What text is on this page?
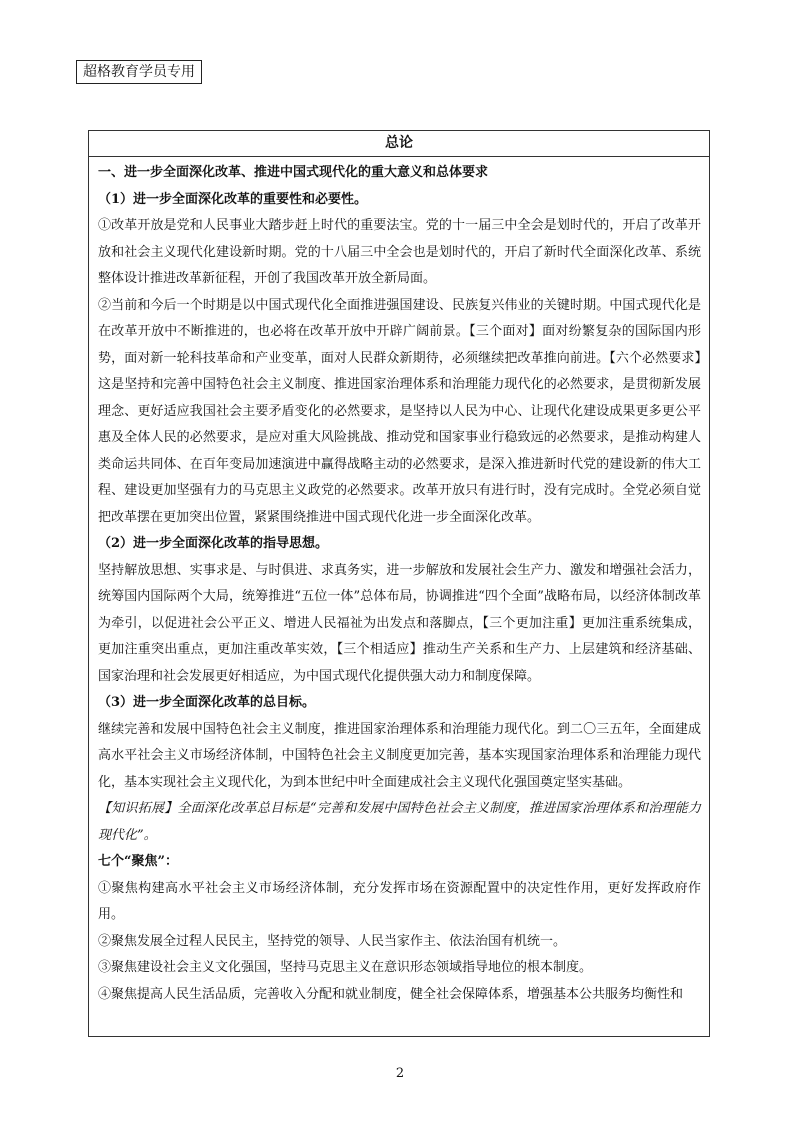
超格教育学员专用
总论

一、进一步全面深化改革、推进中国式现代化的重大意义和总体要求

（1）进一步全面深化改革的重要性和必要性。

①改革开放是党和人民事业大踏步赶上时代的重要法宝。党的十一届三中全会是划时代的，开启了改革开放和社会主义现代化建设新时期。党的十八届三中全会也是划时代的，开启了新时代全面深化改革、系统整体设计推进改革新征程，开创了我国改革开放全新局面。

②当前和今后一个时期是以中国式现代化全面推进强国建设、民族复兴伟业的关键时期。中国式现代化是在改革开放中不断推进的，也必将在改革开放中开辟广阔前景。【三个面对】面对纷繁复杂的国际国内形势，面对新一轮科技革命和产业变革，面对人民群众新期待，必须继续把改革推向前进。【六个必然要求】这是坚持和完善中国特色社会主义制度、推进国家治理体系和治理能力现代化的必然要求，是贯彻新发展理念、更好适应我国社会主要矛盾变化的必然要求，是坚持以人民为中心、让现代化建设成果更多更公平惠及全体人民的必然要求，是应对重大风险挑战、推动党和国家事业行稳致远的必然要求，是推动构建人类命运共同体、在百年变局加速演进中赢得战略主动的必然要求，是深入推进新时代党的建设新的伟大工程、建设更加坚强有力的马克思主义政党的必然要求。改革开放只有进行时，没有完成时。全党必须自觉把改革摆在更加突出位置，紧紧围绕推进中国式现代化进一步全面深化改革。

（2）进一步全面深化改革的指导思想。

坚持解放思想、实事求是、与时俱进、求真务实，进一步解放和发展社会生产力、激发和增强社会活力，统筹国内国际两个大局，统筹推进“五位一体”总体布局，协调推进“四个全面”战略布局，以经济体制改革为牵引，以促进社会公平正义、增进人民福祉为出发点和落脚点，【三个更加注重】更加注重系统集成，更加注重突出重点，更加注重改革实效，【三个相适应】推动生产关系和生产力、上层建筑和经济基础、国家治理和社会发展更好相适应，为中国式现代化提供强大动力和制度保障。

（3）进一步全面深化改革的总目标。

继续完善和发展中国特色社会主义制度，推进国家治理体系和治理能力现代化。到二〇三五年，全面建成高水平社会主义市场经济体制，中国特色社会主义制度更加完善，基本实现国家治理体系和治理能力现代化，基本实现社会主义现代化，为到本世纪中叶全面建成社会主义现代化强国奠定坚实基础。

【知识拓展】全面深化改革总目标是“完善和发展中国特色社会主义制度，推进国家治理体系和治理能力现代化”。

七个“聚焦”：

①聚焦构建高水平社会主义市场经济体制，充分发挥市场在资源配置中的决定性作用，更好发挥政府作用。

②聚焦发展全过程人民民主，坚持党的领导、人民当家作主、依法治国有机统一。

③聚焦建设社会主义文化强国，坚持马克思主义在意识形态领域指导地位的根本制度。

④聚焦提高人民生活品质，完善收入分配和就业制度，健全社会保障体系，增强基本公共服务均衡性和

2
